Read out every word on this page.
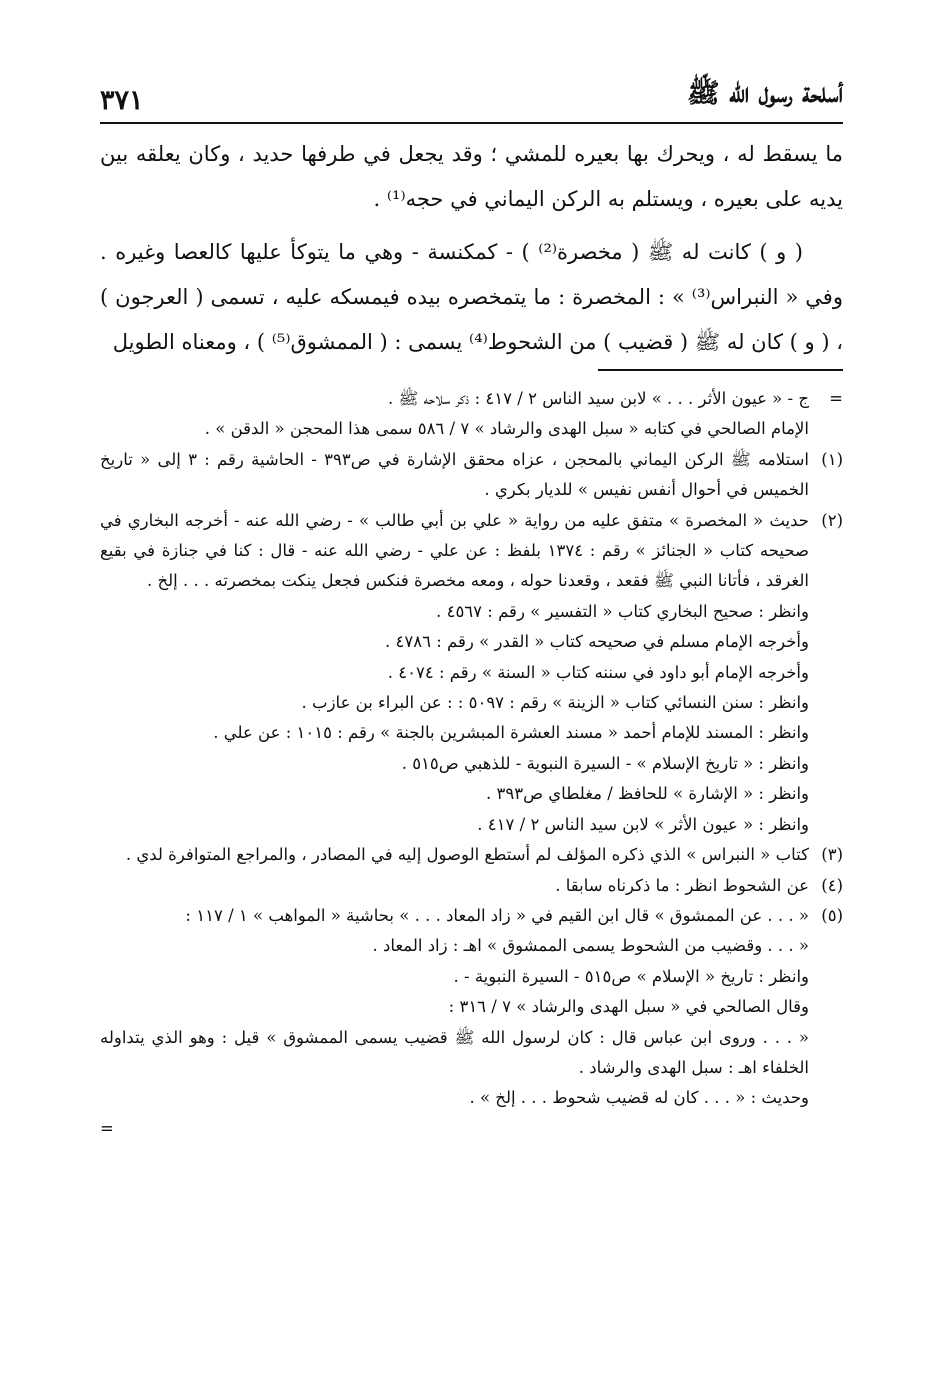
أسلحة رسول الله ﷺ
٣٧١

ما يسقط له ، ويحرك بها بعيره للمشي ؛ وقد يجعل في طرفها حديد ، وكان يعلقه بين يديه على بعيره ، ويستلم به الركن اليماني في حجه⁽¹⁾ .

( و ) كانت له ﷺ ( مخصرة⁽²⁾ ) - كمكنسة - وهي ما يتوكأ عليها كالعصا وغيره . وفي « النبراس⁽³⁾ » : المخصرة : ما يتمخصره بيده فيمسكه عليه ، تسمى ( العرجون ) ، ( و ) كان له ﷺ ( قضيب ) من الشحوط⁽⁴⁾ يسمى : ( الممشوق⁽⁵⁾ ) ، ومعناه الطويل

=
ج - « عيون الأثر . . . » لابن سيد الناس ٢ / ٤١٧ : ذكر سلاحه ﷺ .
الإمام الصالحي في كتابه « سبل الهدى والرشاد » ٧ / ٥٨٦ سمى هذا المحجن « الدقن » .
(١)
استلامه ﷺ الركن اليماني بالمحجن ، عزاه محقق الإشارة في ص٣٩٣ - الحاشية رقم : ٣ إلى « تاريخ الخميس في أحوال أنفس نفيس » للديار بكري .
(٢)
حديث « المخصرة » متفق عليه من رواية « علي بن أبي طالب » - رضي الله عنه - أخرجه البخاري في صحيحه كتاب « الجنائز » رقم : ١٣٧٤ بلفظ : عن علي - رضي الله عنه - قال : كنا في جنازة في بقيع الغرقد ، فأتانا النبي ﷺ فقعد ، وقعدنا حوله ، ومعه مخصرة فنكس فجعل ينكت بمخصرته . . . إلخ .
وانظر : صحيح البخاري كتاب « التفسير » رقم : ٤٥٦٧ .
وأخرجه الإمام مسلم في صحيحه كتاب « القدر » رقم : ٤٧٨٦ .
وأخرجه الإمام أبو داود في سننه كتاب « السنة » رقم : ٤٠٧٤ .
وانظر : سنن النسائي كتاب « الزينة » رقم : ٥٠٩٧ : : عن البراء بن عازب .
وانظر : المسند للإمام أحمد « مسند العشرة المبشرين بالجنة » رقم : ١٠١٥ : عن علي .
وانظر : « تاريخ الإسلام » - السيرة النبوية - للذهبي ص٥١٥ .
وانظر : « الإشارة » للحافظ / مغلطاي ص٣٩٣ .
وانظر : « عيون الأثر » لابن سيد الناس ٢ / ٤١٧ .
(٣)
كتاب « النبراس » الذي ذكره المؤلف لم أستطع الوصول إليه في المصادر ، والمراجع المتوافرة لدي .
(٤)
عن الشحوط انظر : ما ذكرناه سابقا .
(٥)
« . . . عن الممشوق » قال ابن القيم في « زاد المعاد . . . » بحاشية « المواهب » ١ / ١١٧ :
« . . . وقضيب من الشحوط يسمى الممشوق » اهـ : زاد المعاد .
وانظر : تاريخ « الإسلام » ص٥١٥ - السيرة النبوية - .
وقال الصالحي في « سبل الهدى والرشاد » ٧ / ٣١٦ :
« . . . وروى ابن عباس قال : كان لرسول الله ﷺ قضيب يسمى الممشوق » قيل : وهو الذي يتداوله الخلفاء اهـ : سبل الهدى والرشاد .
وحديث : « . . . كان له قضيب شحوط . . . إلخ » .
=
